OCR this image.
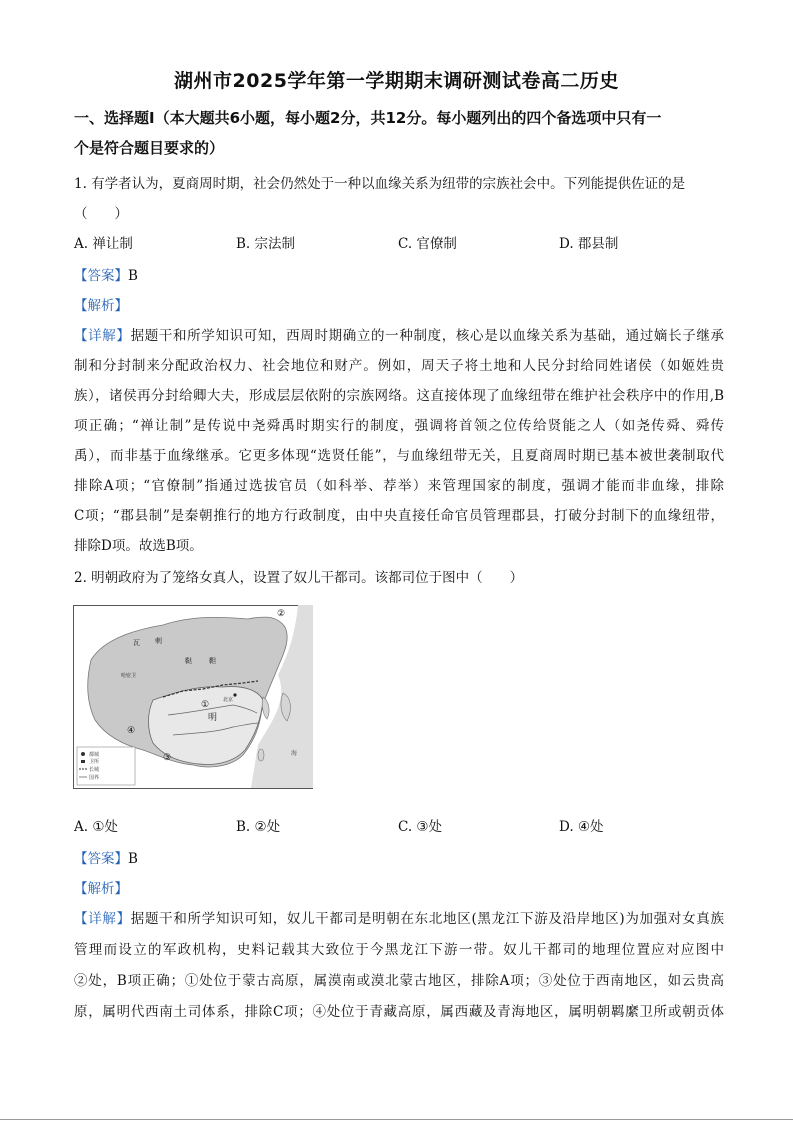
湖州市2025学年第一学期期末调研测试卷高二历史
一、选择题Ⅰ（本大题共6小题，每小题2分，共12分。每小题列出的四个备选项中只有一
个是符合题目要求的）
1. 有学者认为，夏商周时期，社会仍然处于一种以血缘关系为纽带的宗族社会中。下列能提供佐证的是
（　　）
A. 禅让制	B. 宗法制	C. 官僚制	D. 郡县制
【答案】B
【解析】
【详解】据题干和所学知识可知，西周时期确立的一种制度，核心是以血缘关系为基础，通过嫡长子继承
制和分封制来分配政治权力、社会地位和财产。例如，周天子将土地和人民分封给同姓诸侯（如姬姓贵
族），诸侯再分封给卿大夫，形成层层依附的宗族网络。这直接体现了血缘纽带在维护社会秩序中的作用,B
项正确；“禅让制”是传说中尧舜禹时期实行的制度，强调将首领之位传给贤能之人（如尧传舜、舜传
禹），而非基于血缘继承。它更多体现“选贤任能”，与血缘纽带无关，且夏商周时期已基本被世袭制取代
排除A项；“官僚制”指通过选拔官员（如科举、荐举）来管理国家的制度，强调才能而非血缘，排除
C项；“郡县制”是秦朝推行的地方行政制度，由中央直接任命官员管理郡县，打破分封制下的血缘纽带，
排除D项。故选B项。
2. 明朝政府为了笼络女真人，设置了奴儿干都司。该都司位于图中（　　）
都城
卫所
长城
国界
瓦 剌
鞑 靼
明
哈密卫
北京
①
②
③
④
海
A. ①处	B. ②处	C. ③处	D. ④处
【答案】B
【解析】
【详解】据题干和所学知识可知，奴儿干都司是明朝在东北地区(黑龙江下游及沿岸地区)为加强对女真族
管理而设立的军政机构，史料记载其大致位于今黑龙江下游一带。奴儿干都司的地理位置应对应图中
②处，B项正确；①处位于蒙古高原，属漠南或漠北蒙古地区，排除A项；③处位于西南地区，如云贵高
原，属明代西南土司体系，排除C项；④处位于青藏高原，属西藏及青海地区，属明朝羁縻卫所或朝贡体
